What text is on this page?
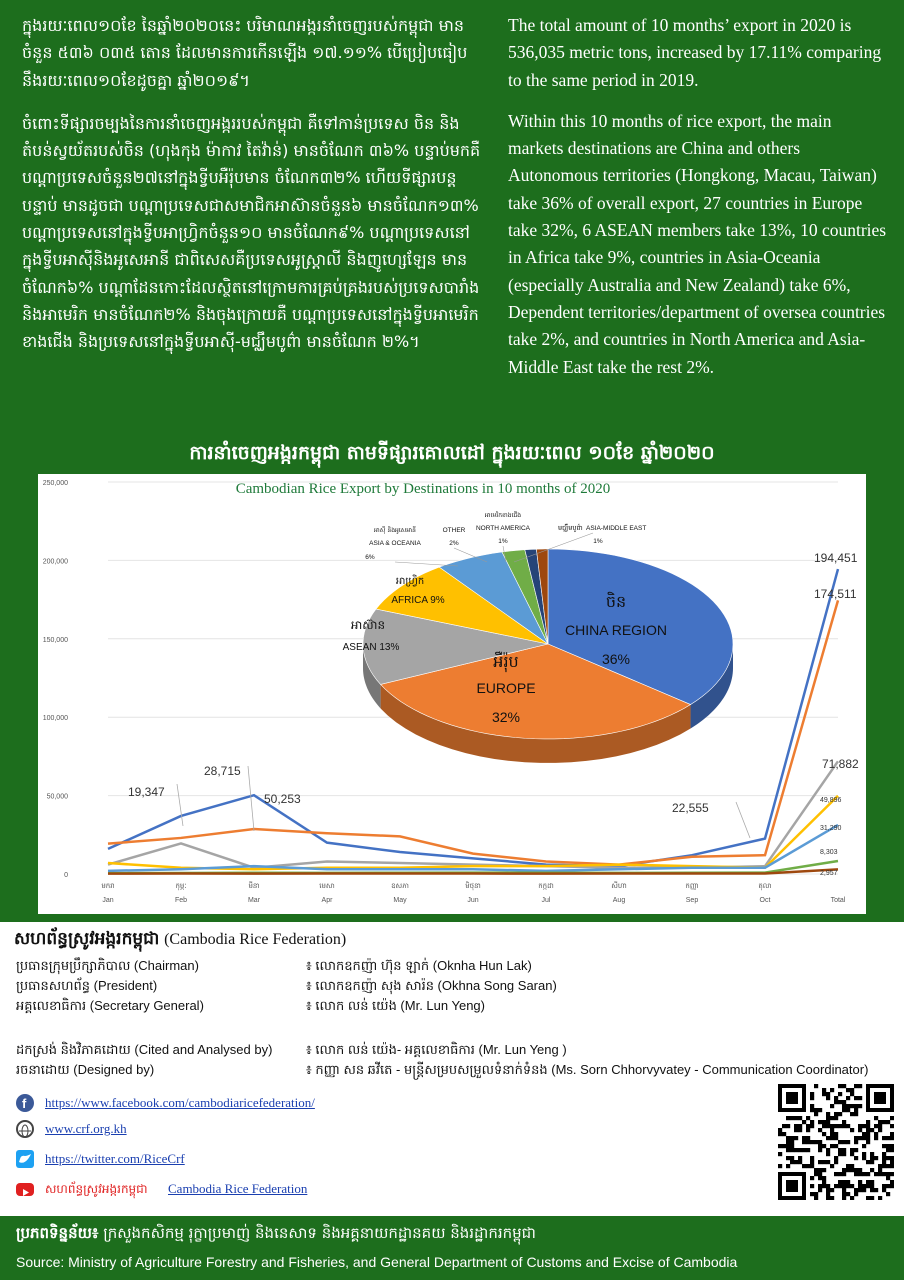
ក្នុងរយៈពេល១០ខែ នៃឆ្នាំ២០២០នេះ បរិមាណអង្ករនាំចេញរបស់កម្ពុជា មានចំនួន ៥៣៦ ០៣៥ តោន ដែលមានការកើនឡើង ១៧.១១% បើប្រៀបធៀបនឹងរយៈពេល១០ខែដូចគ្នា ឆ្នាំ២០១៩។

ចំពោះទីផ្សារចម្បងនៃការនាំចេញអង្កររបស់កម្ពុជា គឺទៅកាន់ប្រទេស ចិន និងតំបន់ស្វយ័តរបស់ចិន (ហុងកុង ម៉ាកាវ តៃវ៉ាន់) មានចំណែក ៣៦% បន្ទាប់មកគឺ បណ្តាប្រទេសចំនួន២៧នៅក្នុងទ្វីបអឺរ៉ុបមាន ចំណែក៣២% ហើយទីផ្សារបន្តបន្ទាប់ មានដូចជា បណ្តាប្រទេសជាសមាជិកអាស៊ានចំនួន៦ មានចំណែក១៣% បណ្តាប្រទេសនៅក្នុងទ្វីបអាហ្វ្រិកចំនួន១០ មានចំណែក៩% បណ្តាប្រទេសនៅក្នុងទ្វីបអាស៊ីនិងអូសេអានី ជាពិសេសគឺប្រទេសអូស្ត្រាលី និងញូហ្សេឡែន មានចំណែក៦% បណ្តាដែនកោះដែលស្ថិតនៅក្រោមការគ្រប់គ្រងរបស់ប្រទេសបារាំង និងអាមេរិក មានចំណែក២% និងចុងក្រោយគឺ បណ្តាប្រទេសនៅក្នុងទ្វីបអាមេរិកខាងជើង និងប្រទេសនៅក្នុងទ្វីបអាស៊ី-មជ្ឈឹមបូព៌ា មានចំណែក ២%។

The total amount of 10 months’ export in 2020 is 536,035 metric tons, increased by 17.11% comparing to the same period in 2019.

Within this 10 months of rice export, the main markets destinations are China and others Autonomous territories (Hongkong, Macau, Taiwan) take 36% of overall export, 27 countries in Europe take 32%, 6 ASEAN members take 13%, 10 countries in Africa take 9%, countries in Asia-Oceania (especially Australia and New Zealand) take 6%, Dependent territories/department of oversea countries take 2%, and countries in North America and Asia-Middle East take the rest 2%.

ការនាំចេញអង្ករកម្ពុជា តាមទីផ្សារគោលដៅ ក្នុងរយៈពេល ១០ខែ ឆ្នាំ២០២០
0
50,000
100,000
150,000
200,000
250,000
មករា
Jan
កុម្ភៈ
Feb
មីនា
Mar
មេសា
Apr
ឧសភា
May
មិថុនា
Jun
កក្កដា
Jul
សីហា
Aug
កញ្ញា
Sep
តុលា
Oct	Total
ចិន
CHINA REGION
36%
អឺរ៉ុប
EUROPE
32%
អាស៊ាន
ASEAN 13%
អាហ្វ្រិក
AFRICA 9%
អាស៊ី និងអូសេអានី
ASIA & OCEANIA
6%
OTHER
2%
អាមេរិកខាងជើង
NORTH AMERICA
1%
មជ្ឈឹមបូព៌ា ASIA-MIDDLE EAST
1%
19,347
28,715
50,253
22,555
194,451
174,511
71,882
49,896
31,290
8,303
2,957
Cambodian Rice Export by Destinations in 10 months of 2020
សហព័ន្ធស្រូវអង្ករកម្ពុជា (Cambodia Rice Federation)
ប្រធានក្រុមប្រឹក្សាភិបាល (Chairman)	៖ លោកឧកញ៉ា ហ៊ុន ឡាក់ (Oknha Hun Lak)
ប្រធានសហព័ន្ធ (President)	៖ លោកឧកញ៉ា សុង សារ៉ន (Okhna Song Saran)
អគ្គលេខាធិការ (Secretary General)	៖ លោក លន់ យ៉េង (Mr. Lun Yeng)
ដកស្រង់ និងវិភាគដោយ (Cited and Analysed by)	៖ លោក លន់ យ៉េង- អគ្គលេខាធិការ (Mr. Lun Yeng )
រចនាដោយ (Designed by)	៖ កញ្ញា សន ឆវីតេ - មន្ត្រីសម្របសម្រួលទំនាក់ទំនង (Ms. Sorn Chhorvyvatey - Communication Coordinator)
f https://www.facebook.com/cambodiaricefederation/
www.crf.org.kh
https://twitter.com/RiceCrf
សហព័ន្ធស្រូវអង្ករកម្ពុជា Cambodia Rice Federation
ប្រភពទិន្នន័យ៖ ក្រសួងកសិកម្ម រុក្ខាប្រមាញ់ និងនេសាទ និងអគ្គនាយកដ្ឋានគយ និងរដ្ឋាករកម្ពុជា
Source: Ministry of Agriculture Forestry and Fisheries, and General Department of Customs and Excise of Cambodia
